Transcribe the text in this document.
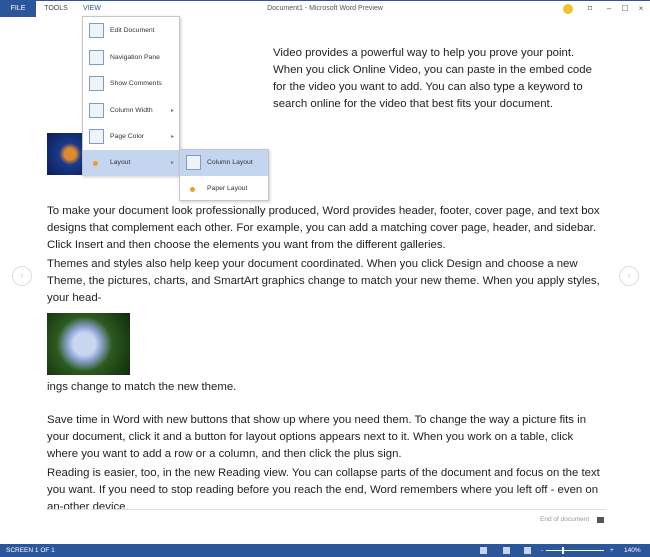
Document1 - Microsoft Word Preview
FILE	TOOLS	VIEW	⌑	–	☐	×

Video provides a powerful way to help you prove your point. When you click Online Video, you can paste in the embed code for the video you want to add. You can also type a keyword to search online for the video that best fits your document.

To make your document look professionally produced, Word provides header, footer, cover page, and text box designs that complement each other. For example, you can add a matching cover page, header, and sidebar. Click Insert and then choose the elements you want from the different galleries.

Themes and styles also help keep your document coordinated. When you click Design and choose a new Theme, the pictures, charts, and SmartArt graphics change to match your new theme. When you apply styles, your head-

ings change to match the new theme.

Save time in Word with new buttons that show up where you need them. To change the way a picture fits in your document, click it and a button for layout options appears next to it. When you work on a table, click where you want to add a row or a column, and then click the plus sign.

Reading is easier, too, in the new Reading view. You can collapse parts of the document and focus on the text you want. If you need to stop reading before you reach the end, Word remembers where you left off - even on an-other device.

‹	›
End of document
Edit Document
Navigation Pane
Show Comments
Column Width	▸
Page Color	▸
Layout	▸	Column Layout
Paper Layout
SCREEN 1 OF 1	-	+ 140%
